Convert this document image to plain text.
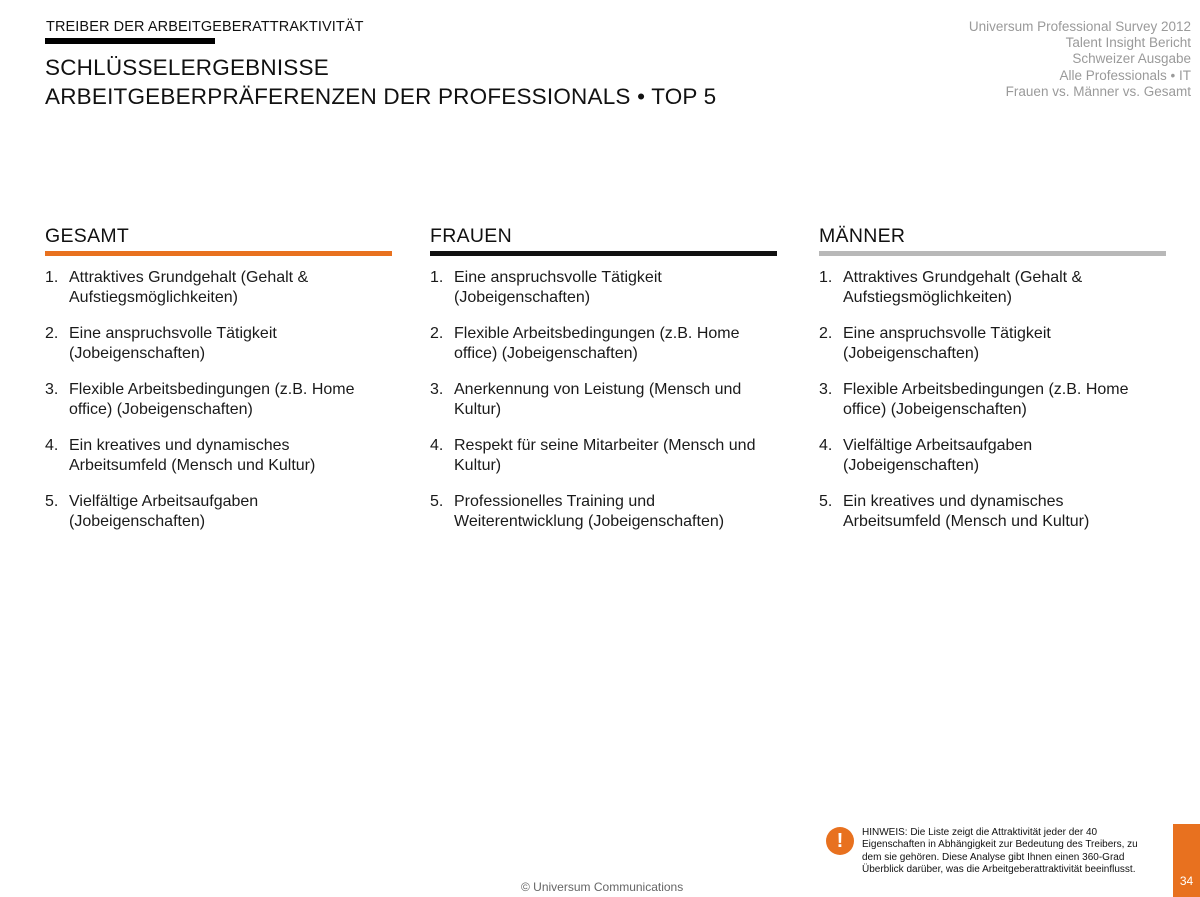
TREIBER DER ARBEITGEBERATTRAKTIVITÄT
SCHLÜSSELERGEBNISSE
ARBEITGEBERPRÄFERENZEN DER PROFESSIONALS • TOP 5
Universum Professional Survey 2012
Talent Insight Bericht
Schweizer Ausgabe
Alle Professionals • IT
Frauen vs. Männer vs. Gesamt
GESAMT
1. Attraktives Grundgehalt (Gehalt & Aufstiegsmöglichkeiten)
2. Eine anspruchsvolle Tätigkeit (Jobeigenschaften)
3. Flexible Arbeitsbedingungen (z.B. Home office) (Jobeigenschaften)
4. Ein kreatives und dynamisches Arbeitsumfeld (Mensch und Kultur)
5. Vielfältige Arbeitsaufgaben (Jobeigenschaften)
FRAUEN
1. Eine anspruchsvolle Tätigkeit (Jobeigenschaften)
2. Flexible Arbeitsbedingungen (z.B. Home office) (Jobeigenschaften)
3. Anerkennung von Leistung (Mensch und Kultur)
4. Respekt für seine Mitarbeiter (Mensch und Kultur)
5. Professionelles Training und Weiterentwicklung (Jobeigenschaften)
MÄNNER
1. Attraktives Grundgehalt (Gehalt & Aufstiegsmöglichkeiten)
2. Eine anspruchsvolle Tätigkeit (Jobeigenschaften)
3. Flexible Arbeitsbedingungen (z.B. Home office) (Jobeigenschaften)
4. Vielfältige Arbeitsaufgaben (Jobeigenschaften)
5. Ein kreatives und dynamisches Arbeitsumfeld (Mensch und Kultur)
© Universum Communications
!	HINWEIS: Die Liste zeigt die Attraktivität jeder der 40 Eigenschaften in Abhängigkeit zur Bedeutung des Treibers, zu dem sie gehören. Diese Analyse gibt Ihnen einen 360-Grad Überblick darüber, was die Arbeitgeberattraktivität beeinflusst.
34
